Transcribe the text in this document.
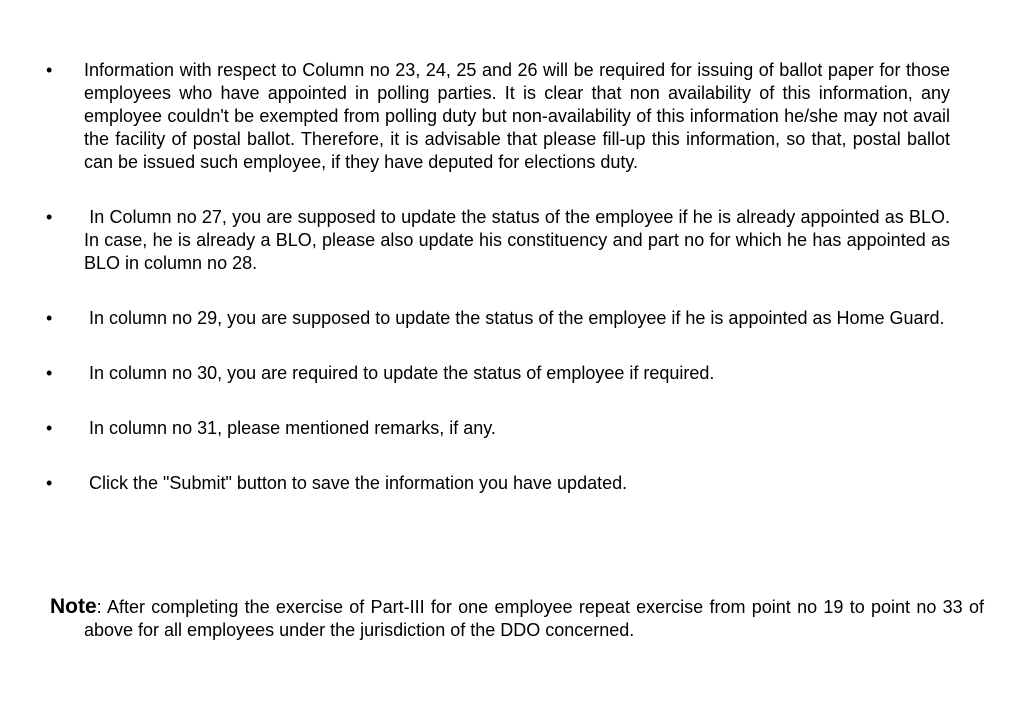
•	Information with respect to Column no 23, 24, 25 and 26 will be required for issuing of ballot paper for those employees who have appointed in polling parties. It is clear that non availability of this information, any employee couldn't be exempted from polling duty but non-availability of this information he/she may not avail the facility of postal ballot. Therefore, it is advisable that please fill-up this information, so that, postal ballot can be issued such employee, if they have deputed for elections duty.
•	In Column no 27, you are supposed to update the status of the employee if he is already appointed as BLO. In case, he is already a BLO, please also update his constituency and part no for which he has appointed as BLO in column no 28.
•	In column no 29, you are supposed to update the status of the employee if he is appointed as Home Guard.
•	In column no 30, you are required to update the status of employee if required.
•	In column no 31, please mentioned remarks, if any.
•	Click the "Submit" button to save the information you have updated.

Note: After completing the exercise of Part-III for one employee repeat exercise from point no 19 to point no 33 of above for all employees under the jurisdiction of the DDO concerned.
